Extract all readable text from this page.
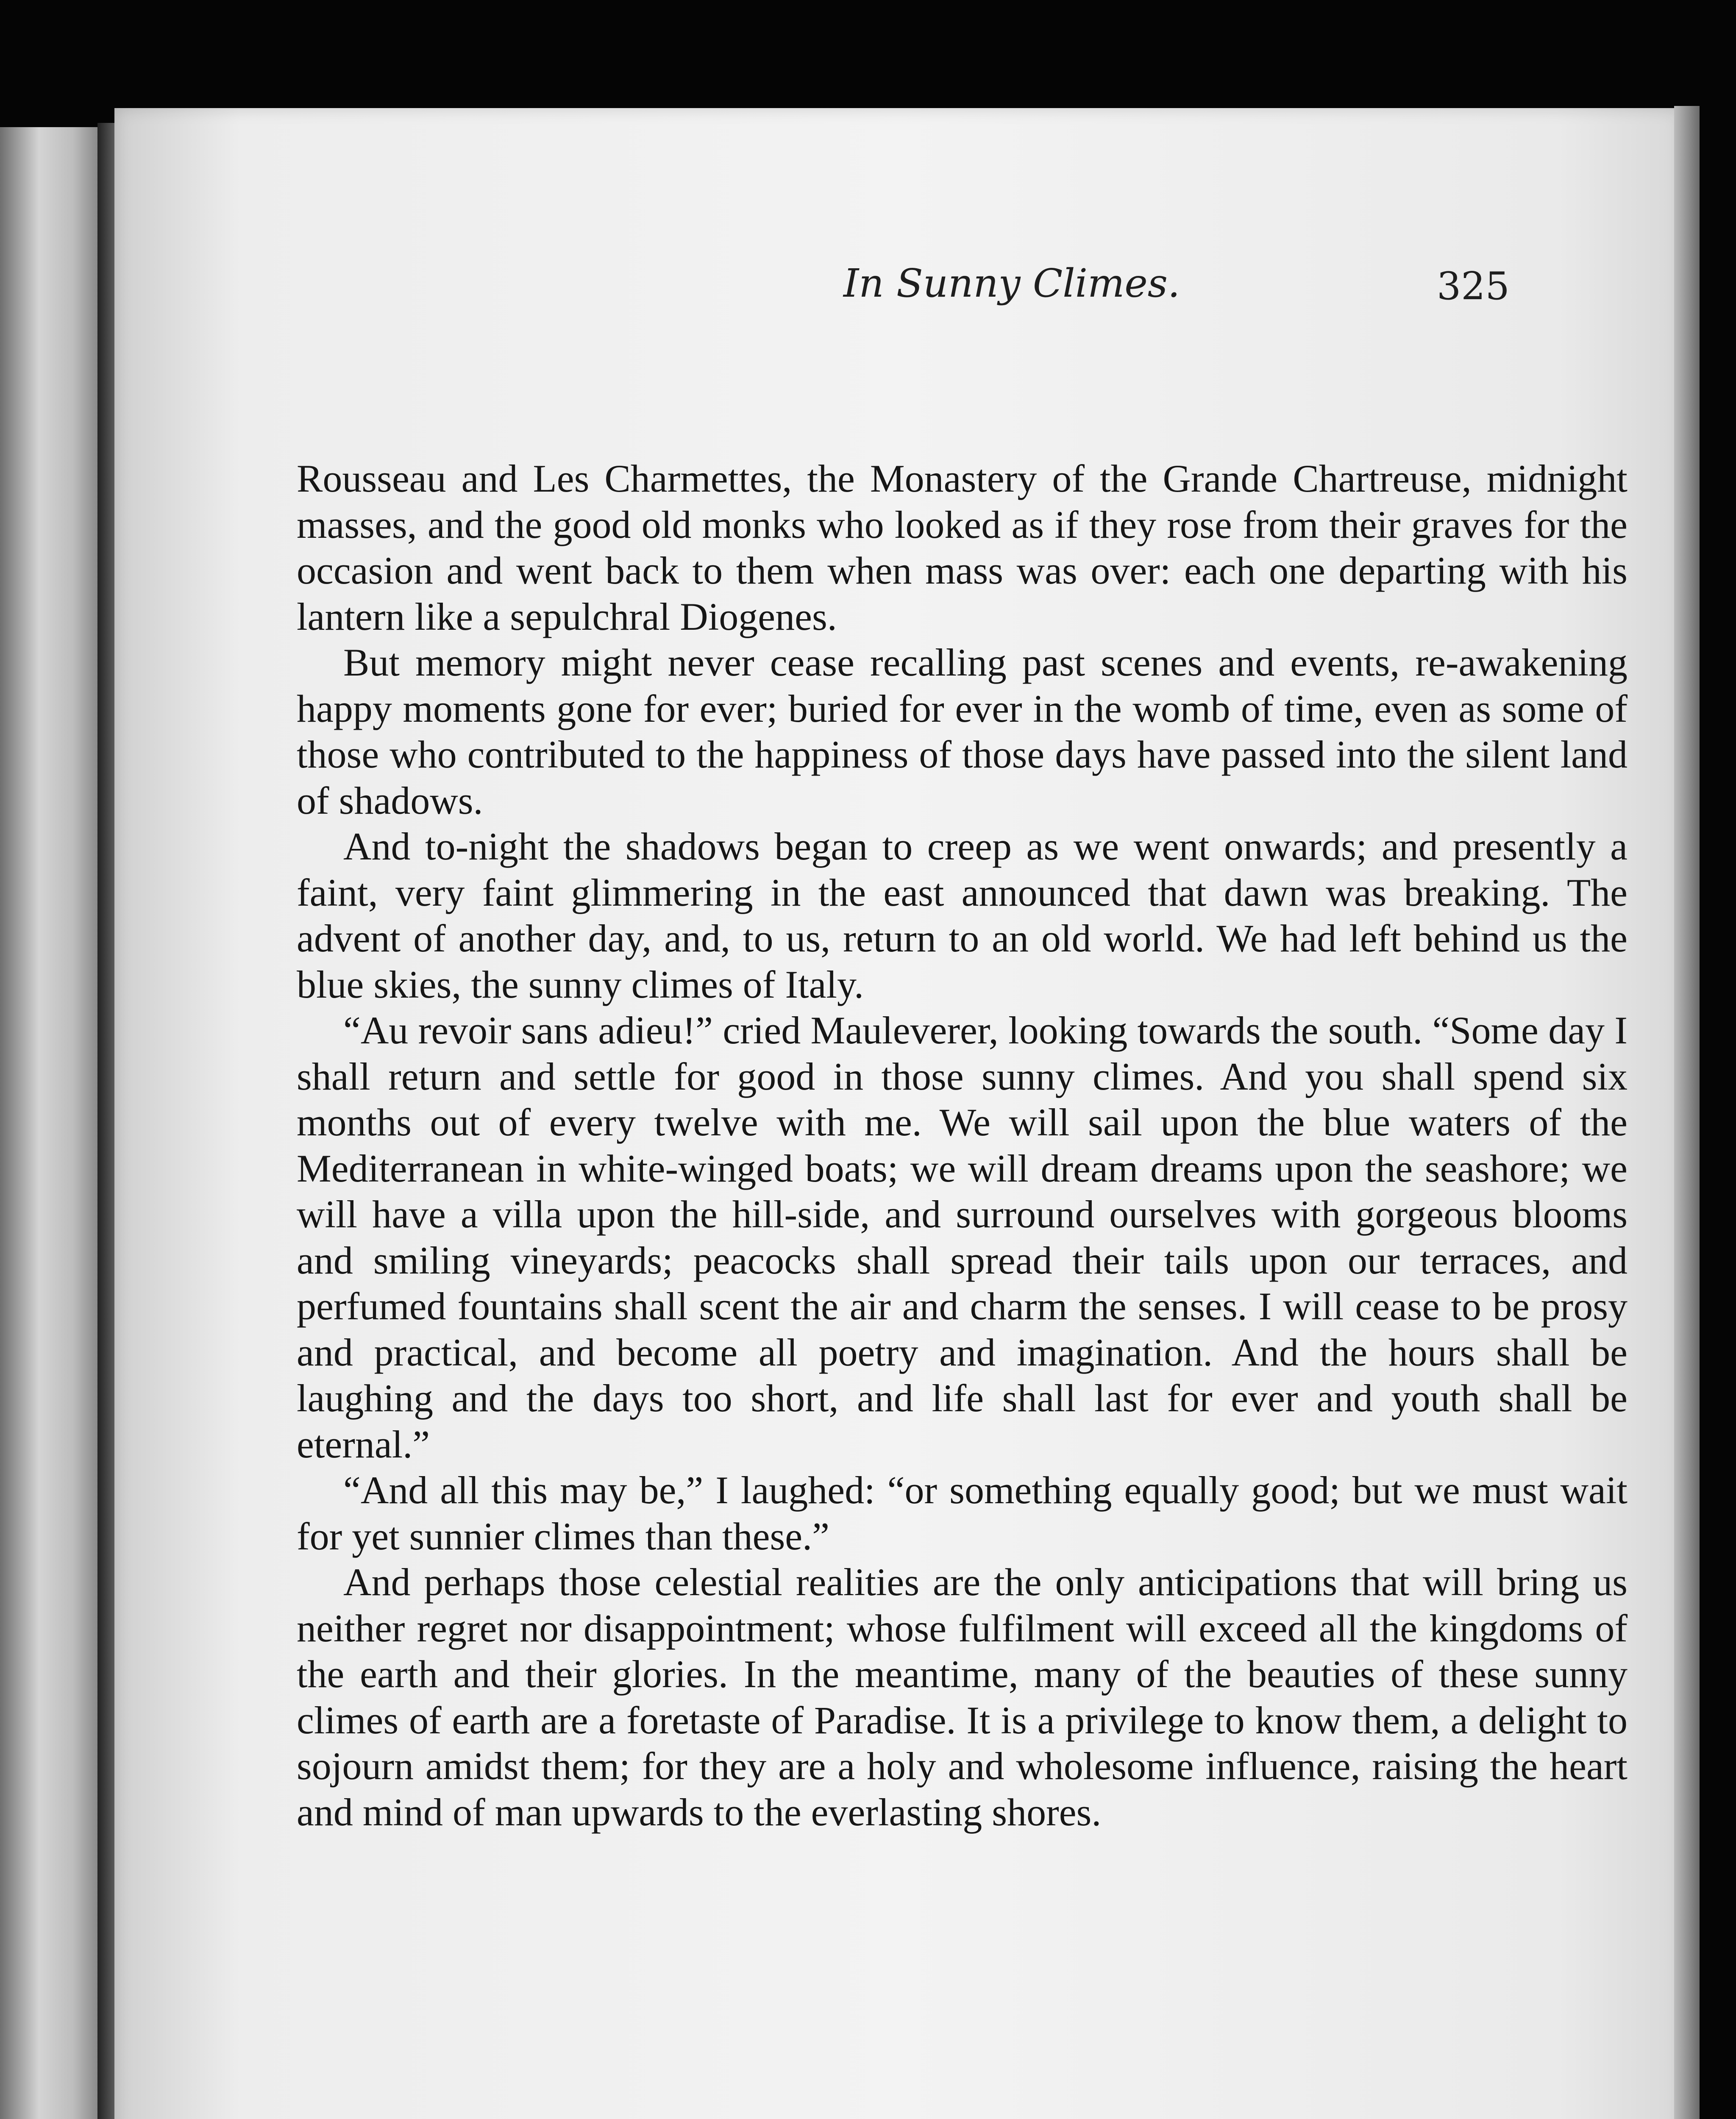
In Sunny Climes.	325

Rousseau and Les Charmettes, the Monastery of the Grande Chartreuse, midnight masses, and the good old monks who looked as if they rose from their graves for the occasion and went back to them when mass was over: each one departing with his lantern like a sepulchral Diogenes.

But memory might never cease recalling past scenes and events, re-awakening happy moments gone for ever; buried for ever in the womb of time, even as some of those who contributed to the happiness of those days have passed into the silent land of shadows.

And to-night the shadows began to creep as we went onwards; and presently a faint, very faint glimmering in the east announced that dawn was breaking. The advent of another day, and, to us, return to an old world. We had left behind us the blue skies, the sunny climes of Italy.

“Au revoir sans adieu!” cried Mauleverer, looking towards the south. “Some day I shall return and settle for good in those sunny climes. And you shall spend six months out of every twelve with me. We will sail upon the blue waters of the Mediterranean in white-winged boats; we will dream dreams upon the seashore; we will have a villa upon the hill-side, and surround ourselves with gorgeous blooms and smiling vineyards; peacocks shall spread their tails upon our terraces, and perfumed fountains shall scent the air and charm the senses. I will cease to be prosy and practical, and become all poetry and imagination. And the hours shall be laughing and the days too short, and life shall last for ever and youth shall be eternal.”

“And all this may be,” I laughed: “or something equally good; but we must wait for yet sunnier climes than these.”

And perhaps those celestial realities are the only anticipations that will bring us neither regret nor disappointment; whose fulfilment will exceed all the kingdoms of the earth and their glories. In the meantime, many of the beauties of these sunny climes of earth are a foretaste of Paradise. It is a privilege to know them, a delight to sojourn amidst them; for they are a holy and wholesome influence, raising the heart and mind of man upwards to the everlasting shores.
